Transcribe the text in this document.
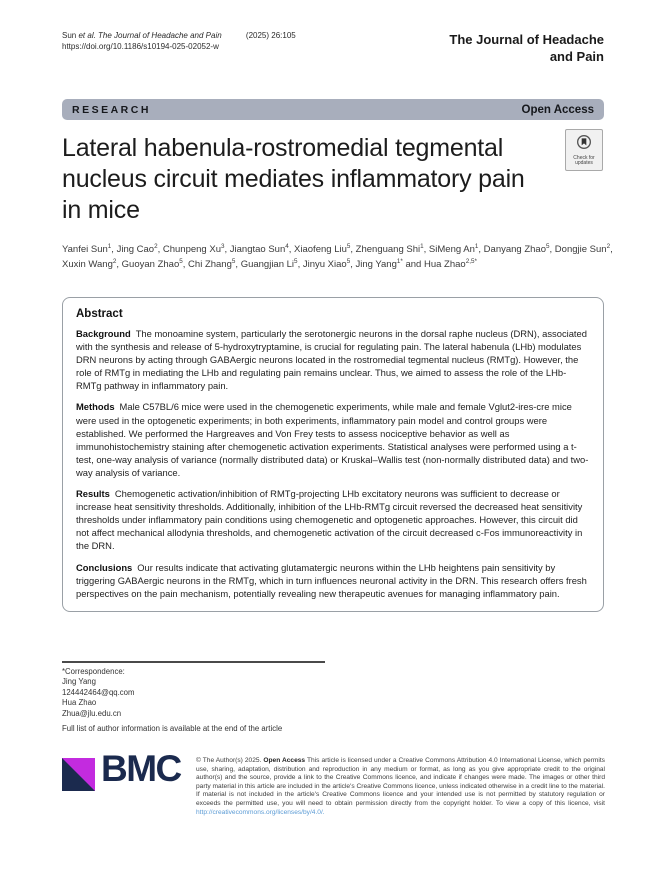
Sun et al. The Journal of Headache and Pain	(2025) 26:105
https://doi.org/10.1186/s10194-025-02052-w	The Journal of Headache
and Pain
RESEARCH	Open Access
Lateral habenula-rostromedial tegmental
nucleus circuit mediates inflammatory pain
in mice
Check for
updates
Yanfei Sun$^1$, Jing Cao$^2$, Chunpeng Xu$^3$, Jiangtao Sun$^4$, Xiaofeng Liu$^5$, Zhenguang Shi$^1$, SiMeng An$^1$, Danyang Zhao$^5$, Dongjie Sun$^2$, Xuxin Wang$^2$, Guoyan Zhao$^5$, Chi Zhang$^5$, Guangjian Li$^5$, Jinyu Xiao$^5$, Jing Yang$^{1*}$ and Hua Zhao$^{2,5*}$
Abstract

Background The monoamine system, particularly the serotonergic neurons in the dorsal raphe nucleus (DRN), associated with the synthesis and release of 5-hydroxytryptamine, is crucial for regulating pain. The lateral habenula (LHb) modulates DRN neurons by acting through GABAergic neurons located in the rostromedial tegmental nucleus (RMTg). However, the role of RMTg in mediating the LHb and regulating pain remains unclear. Thus, we aimed to assess the role of the LHb-RMTg pathway in inflammatory pain.

Methods Male C57BL/6 mice were used in the chemogenetic experiments, while male and female Vglut2-ires-cre mice were used in the optogenetic experiments; in both experiments, inflammatory pain model and control groups were established. We performed the Hargreaves and Von Frey tests to assess nociceptive behavior as well as immunohistochemistry staining after chemogenetic activation experiments. Statistical analyses were performed using a t-test, one-way analysis of variance (normally distributed data) or Kruskal–Wallis test (non-normally distributed data) and two-way analysis of variance.

Results Chemogenetic activation/inhibition of RMTg-projecting LHb excitatory neurons was sufficient to decrease or increase heat sensitivity thresholds. Additionally, inhibition of the LHb-RMTg circuit reversed the decreased heat sensitivity thresholds under inflammatory pain conditions using chemogenetic and optogenetic approaches. However, this circuit did not affect mechanical allodynia thresholds, and chemogenetic activation of the circuit decreased c-Fos immunoreactivity in the DRN.

Conclusions Our results indicate that activating glutamatergic neurons within the LHb heightens pain sensitivity by triggering GABAergic neurons in the RMTg, which in turn influences neuronal activity in the DRN. This research offers fresh perspectives on the pain mechanism, potentially revealing new therapeutic avenues for managing inflammatory pain.

*Correspondence:
Jing Yang
124442464@qq.com
Hua Zhao
Zhua@jlu.edu.cn
Full list of author information is available at the end of the article
BMC © The Author(s) 2025. Open Access This article is licensed under a Creative Commons Attribution 4.0 International License, which permits use, sharing, adaptation, distribution and reproduction in any medium or format, as long as you give appropriate credit to the original author(s) and the source, provide a link to the Creative Commons licence, and indicate if changes were made. The images or other third party material in this article are included in the article's Creative Commons licence, unless indicated otherwise in a credit line to the material. If material is not included in the article's Creative Commons licence and your intended use is not permitted by statutory regulation or exceeds the permitted use, you will need to obtain permission directly from the copyright holder. To view a copy of this licence, visit http://creativecommons.org/licenses/by/4.0/.
